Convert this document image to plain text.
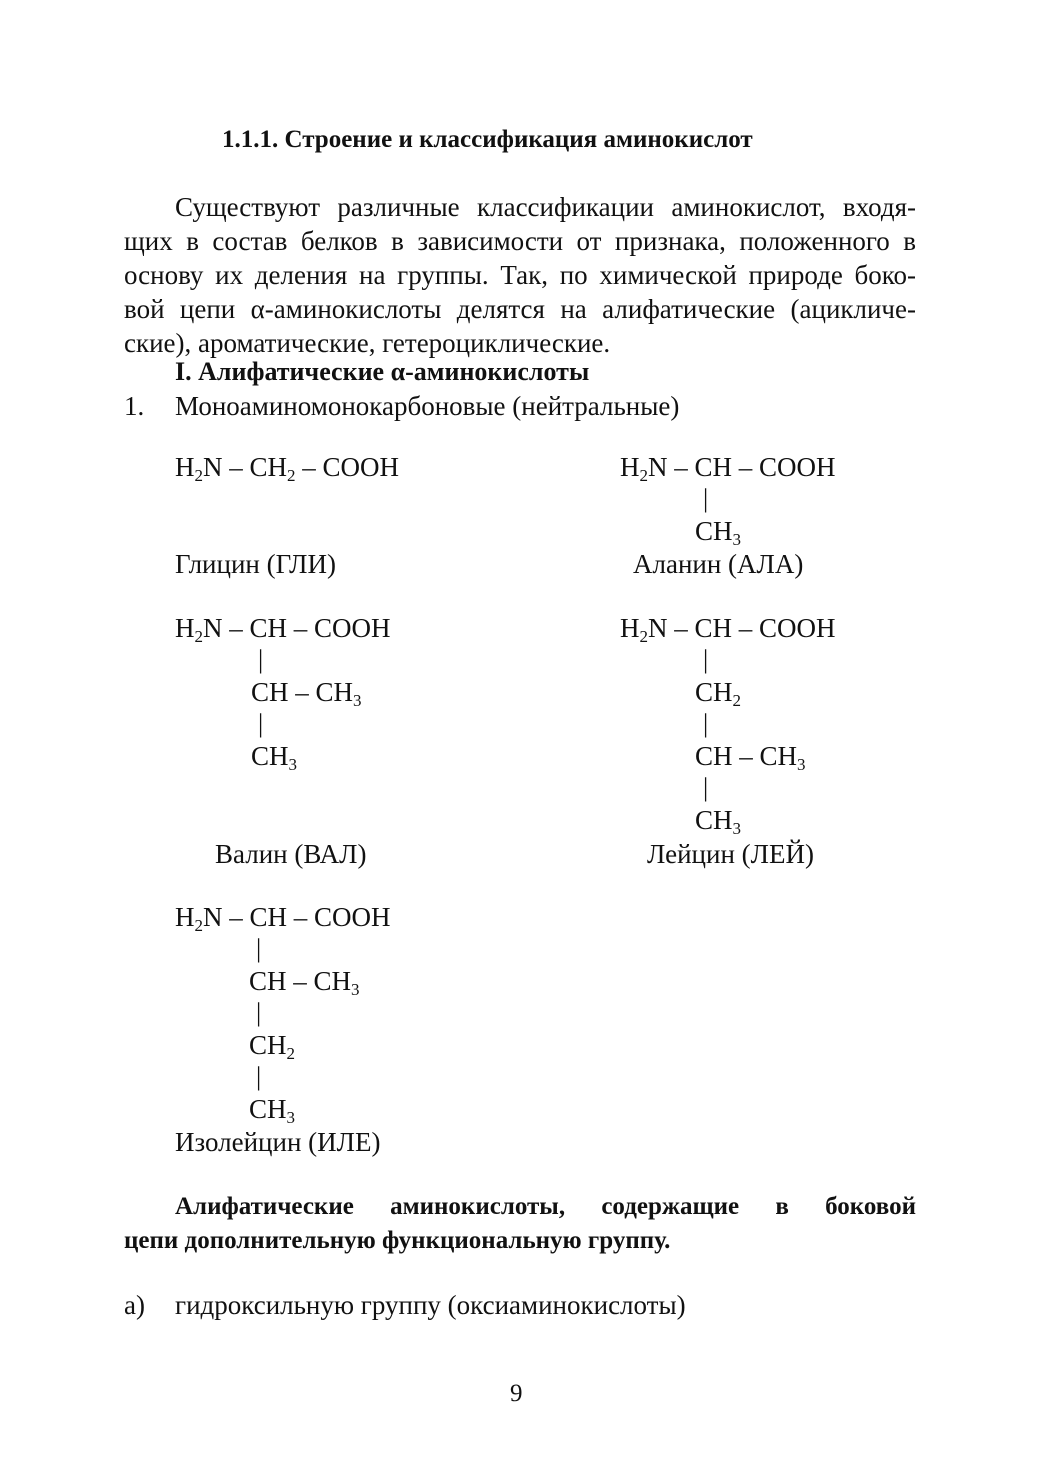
1.1.1. Строение и классификация аминокислот
Существуют различные классификации аминокислот, входя-
щих в состав белков в зависимости от признака, положенного в
основу их деления на группы. Так, по химической природе боко-
вой цепи α-аминокислоты делятся на алифатические (ацикличе-
ские), ароматические, гетероциклические.
I. Алифатические α-аминокислоты
1. Моноаминомонокарбоновые (нейтральные)
$H_2N - CH_2$ – COOH
Глицин (ГЛИ)
$H_2N$ – CH – COOH
|
$CH_3$
Аланин (АЛА)
$H_2N$ – CH – COOH
|
CH – $CH_3$
|
$CH_3$
Валин (ВАЛ)
$H_2N$ – CH – COOH
|
$CH_2$
|
CH – $CH_3$
|
$CH_3$
Лейцин (ЛЕЙ)
$H_2N$ – CH – COOH
|
CH – $CH_3$
|
$CH_2$
|
$CH_3$
Изолейцин (ИЛЕ)
Алифатические аминокислоты, содержащие в боковой
цепи дополнительную функциональную группу.
а) гидроксильную группу (оксиаминокислоты)
9
